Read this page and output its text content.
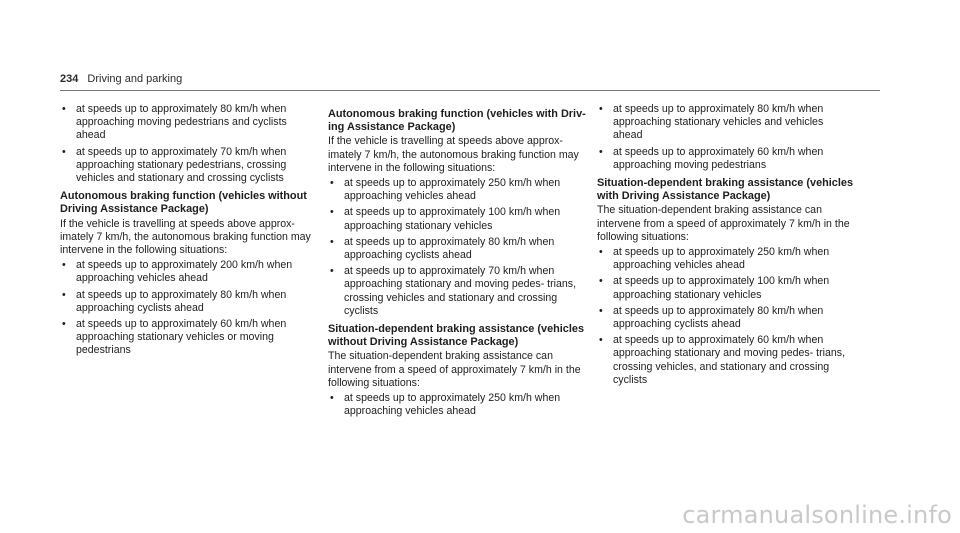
234 Driving and parking
• at speeds up to approximately 80 km/h when approaching moving pedestrians and cyclists ahead
• at speeds up to approximately 70 km/h when approaching stationary pedestrians, crossing vehicles and stationary and crossing cyclists
Autonomous braking function (vehicles without Driving Assistance Package)

If the vehicle is travelling at speeds above approx- imately 7 km/h, the autonomous braking function may intervene in the following situations:

• at speeds up to approximately 200 km/h when approaching vehicles ahead
• at speeds up to approximately 80 km/h when approaching cyclists ahead
• at speeds up to approximately 60 km/h when approaching stationary vehicles or moving pedestrians
Autonomous braking function (vehicles with Driv- ing Assistance Package)

If the vehicle is travelling at speeds above approx- imately 7 km/h, the autonomous braking function may intervene in the following situations:

• at speeds up to approximately 250 km/h when approaching vehicles ahead
• at speeds up to approximately 100 km/h when approaching stationary vehicles
• at speeds up to approximately 80 km/h when approaching cyclists ahead
• at speeds up to approximately 70 km/h when approaching stationary and moving pedes- trians, crossing vehicles and stationary and crossing cyclists
Situation-dependent braking assistance (vehicles without Driving Assistance Package)

The situation-dependent braking assistance can intervene from a speed of approximately 7 km/h in the following situations:

• at speeds up to approximately 250 km/h when approaching vehicles ahead
• at speeds up to approximately 80 km/h when approaching stationary vehicles and vehicles ahead
• at speeds up to approximately 60 km/h when approaching moving pedestrians
Situation-dependent braking assistance (vehicles with Driving Assistance Package)

The situation-dependent braking assistance can intervene from a speed of approximately 7 km/h in the following situations:

• at speeds up to approximately 250 km/h when approaching vehicles ahead
• at speeds up to approximately 100 km/h when approaching stationary vehicles
• at speeds up to approximately 80 km/h when approaching cyclists ahead
• at speeds up to approximately 60 km/h when approaching stationary and moving pedes- trians, crossing vehicles, and stationary and crossing cyclists
carmanualsonline.info
